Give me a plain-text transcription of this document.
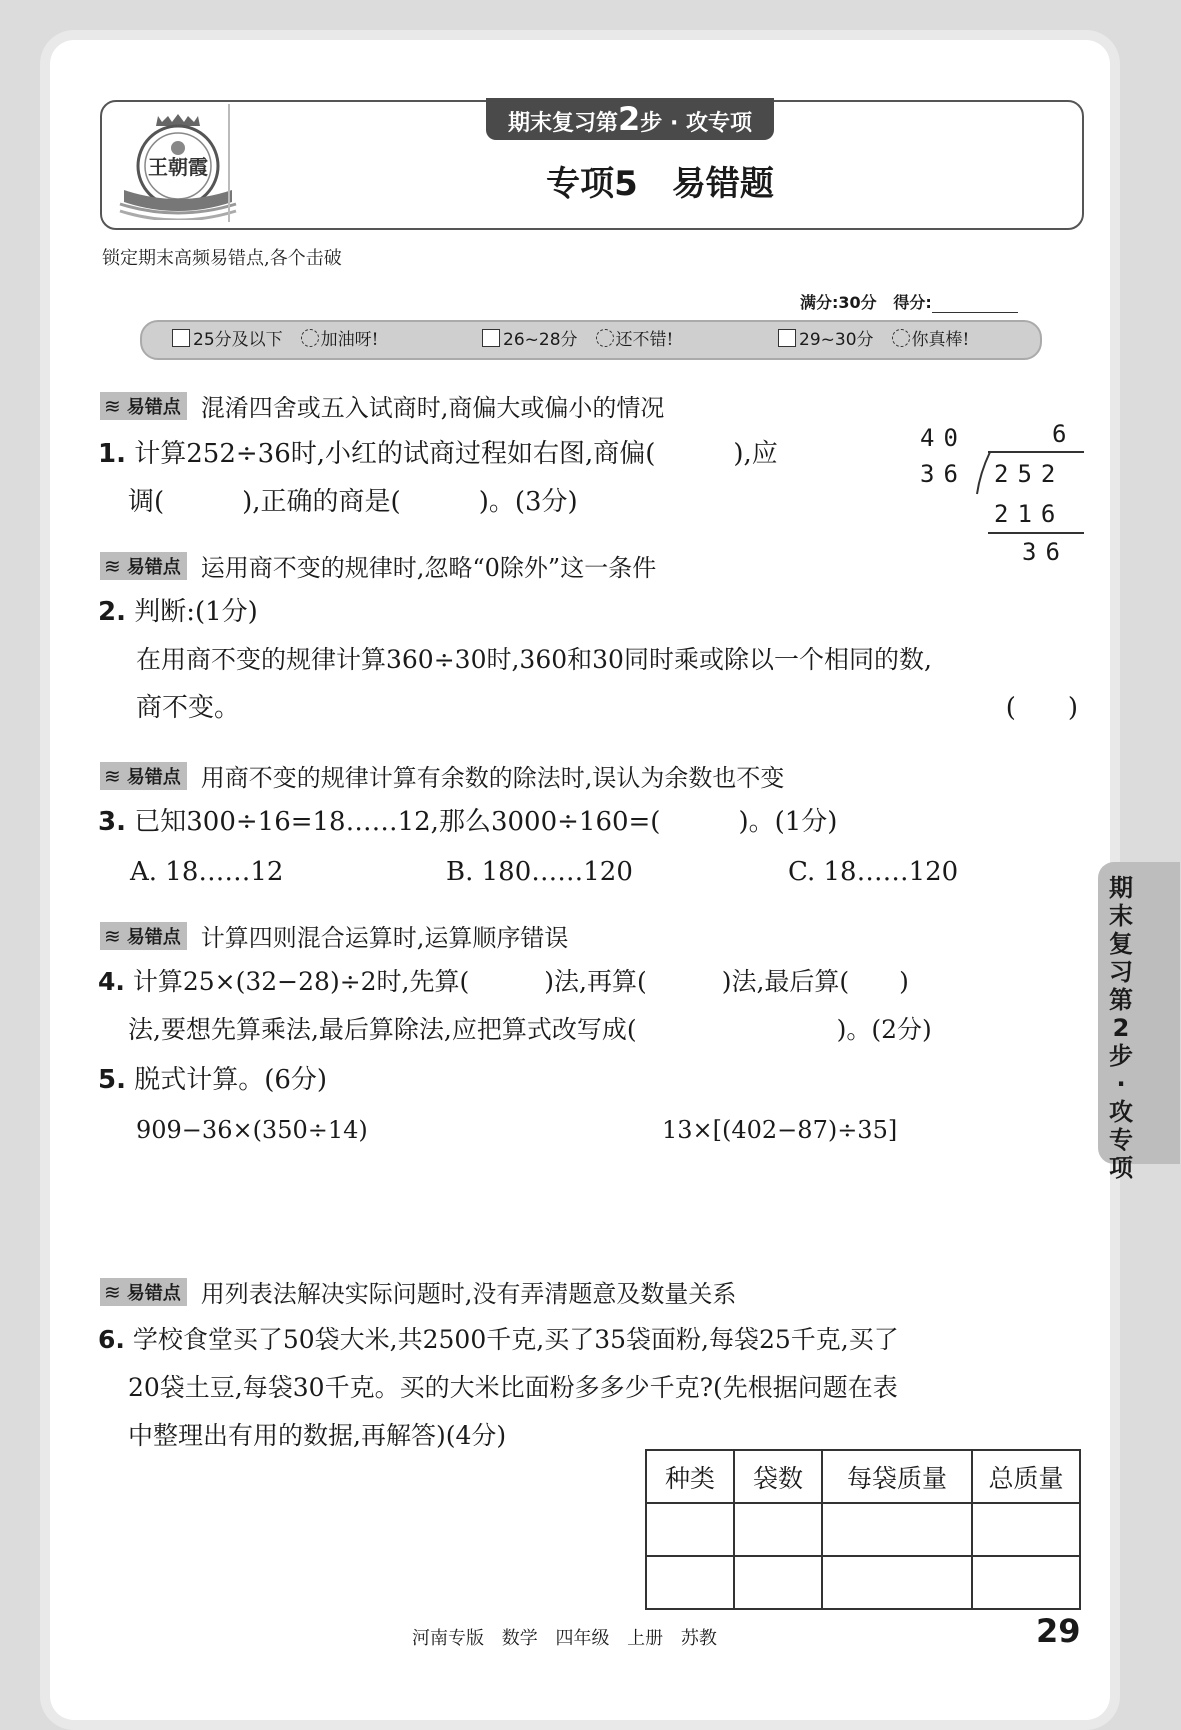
王朝霞
期末复习第2步 · 攻专项
专项5　易错题
锁定期末高频易错点,各个击破
满分:30分 得分:
25分及以下 加油呀!	26~28分 还不错!	29~30分 你真棒!
≋ 易错点 混淆四舍或五入试商时,商偏大或偏小的情况
1. 计算252÷36时,小红的试商过程如右图,商偏(　　　),应
调(　　　),正确的商是(　　　)。(3分)
40	6
36 252
216
36
≋ 易错点 运用商不变的规律时,忽略“0除外”这一条件
2. 判断:(1分)
在用商不变的规律计算360÷30时,360和30同时乘或除以一个相同的数,
商不变。	(　　)
≋ 易错点 用商不变的规律计算有余数的除法时,误认为余数也不变
3. 已知300÷16=18……12,那么3000÷160=(　　　)。(1分)
A. 18……12	B. 180……120	C. 18……120
≋ 易错点 计算四则混合运算时,运算顺序错误
4. 计算25×(32−28)÷2时,先算(　　　)法,再算(　　　)法,最后算(　　)
法,要想先算乘法,最后算除法,应把算式改写成(　　　　　　　　)。(2分)
5. 脱式计算。(6分)
909−36×(350÷14)	13×[(402−87)÷35]
≋ 易错点 用列表法解决实际问题时,没有弄清题意及数量关系
6. 学校食堂买了50袋大米,共2500千克,买了35袋面粉,每袋25千克,买了
20袋土豆,每袋30千克。买的大米比面粉多多少千克?(先根据问题在表
中整理出有用的数据,再解答)(4分)
种类	袋数	每袋质量	总质量

期末复习第2步·攻专项
河南专版 数学 四年级 上册 苏教	29
